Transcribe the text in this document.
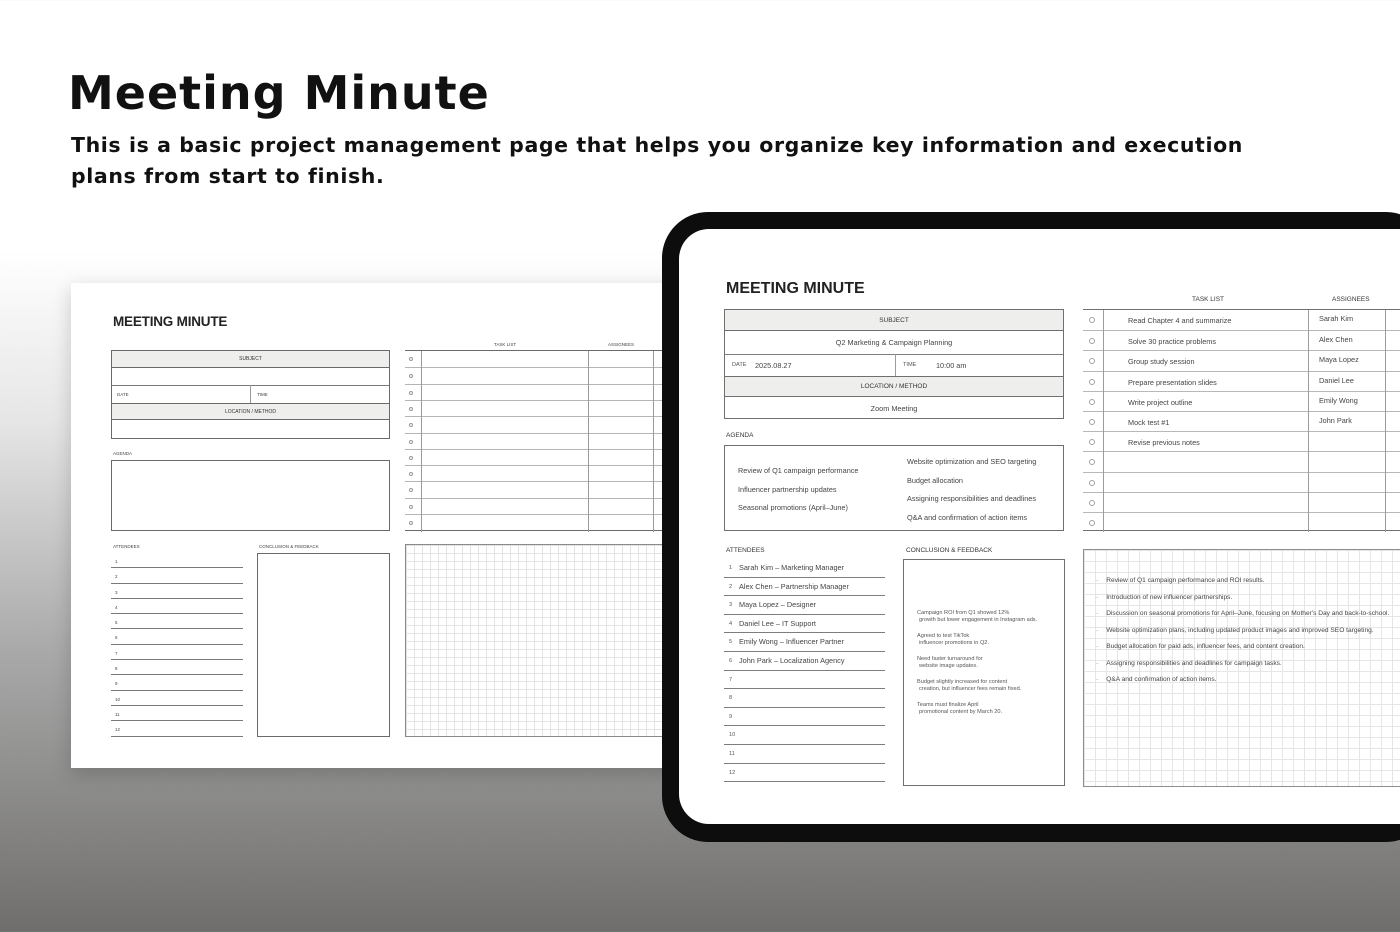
Meeting Minute
This is a basic project management page that helps you organize key information and execution plans from start to finish.
MEETING MINUTE
SUBJECT
DATE	TIME
LOCATION / METHOD
AGENDA
ATTENDEES
1
2
3
4
5
6
7
8
9
10
11
12
CONCLUSION & FEEDBACK
TASK LIST	ASSIGNEES
MEETING MINUTE
SUBJECT
Q2 Marketing & Campaign Planning
DATE 2025.08.27	TIME	10:00 am
LOCATION / METHOD
Zoom Meeting
AGENDA
Review of Q1 campaign performance
Influencer partnership updates
Seasonal promotions (April–June)
Website optimization and SEO targeting
Budget allocation
Assigning responsibilities and deadlines
Q&A and confirmation of action items
ATTENDEES
1 Sarah Kim – Marketing Manager
2 Alex Chen – Partnership Manager
3 Maya Lopez – Designer
4 Daniel Lee – IT Support
5 Emily Wong – Influencer Partner
6 John Park – Localization Agency
7
8
9
10
11
12
CONCLUSION & FEEDBACK

Campaign ROI from Q1 showed 12%
growth but lower engagement in Instagram ads.

Agreed to test TikTok
influencer promotions in Q2.

Need faster turnaround for
website image updates.

Budget slightly increased for content
creation, but influencer fees remain fixed.

Teams must finalize April
promotional content by March 20.

TASK LIST	ASSIGNEES
Read Chapter 4 and summarize	Sarah Kim
Solve 30 practice problems	Alex Chen
Group study session	Maya Lopez
Prepare presentation slides	Daniel Lee
Write project outline	Emily Wong
Mock test #1	John Park
Revise previous notes
· Review of Q1 campaign performance and ROI results.
· Introduction of new influencer partnerships.
· Discussion on seasonal promotions for April–June, focusing on Mother's Day and back-to-school.
· Website optimization plans, including updated product images and improved SEO targeting.
· Budget allocation for paid ads, influencer fees, and content creation.
· Assigning responsibilities and deadlines for campaign tasks.
· Q&A and confirmation of action items.
